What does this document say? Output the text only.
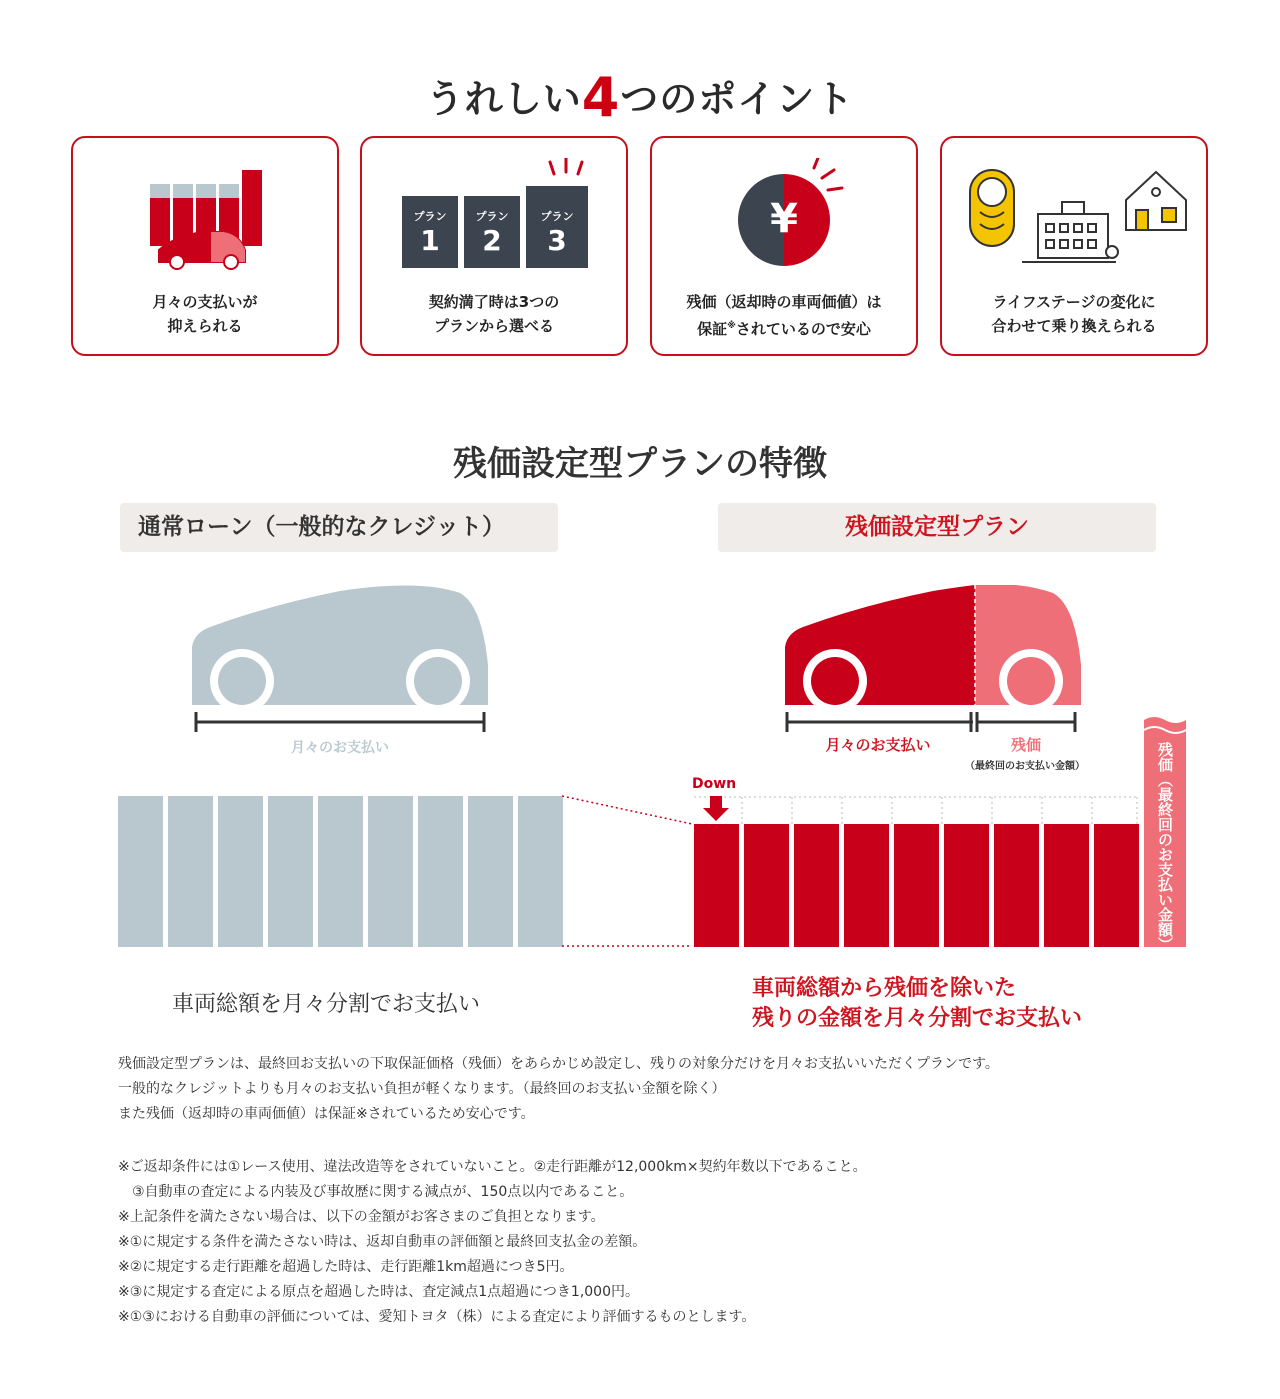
うれしい4つのポイント
月々の支払いが
抑えられる
プラン
1
プラン
2
プラン
3
契約満了時は3つの
プランから選べる
¥
残価（返却時の車両価値）は
保証※されているので安心
ライフステージの変化に
合わせて乗り換えられる
残価設定型プランの特徴
通常ローン（一般的なクレジット）	残価設定型プラン
月々のお支払い	月々のお支払い	残価
（最終回のお支払い金額）
Down	残価（最終回のお支払い金額）
車両総額を月々分割でお支払い
車両総額から残価を除いた
残りの金額を月々分割でお支払い
残価設定型プランは、最終回お支払いの下取保証価格（残価）をあらかじめ設定し、残りの対象分だけを月々お支払いいただくプランです。
一般的なクレジットよりも月々のお支払い負担が軽くなります。（最終回のお支払い金額を除く）
また残価（返却時の車両価値）は保証※されているため安心です。
※ご返却条件には①レース使用、違法改造等をされていないこと。②走行距離が12,000km×契約年数以下であること。
　③自動車の査定による内装及び事故歴に関する減点が、150点以内であること。
※上記条件を満たさない場合は、以下の金額がお客さまのご負担となります。
※①に規定する条件を満たさない時は、返却自動車の評価額と最終回支払金の差額。
※②に規定する走行距離を超過した時は、走行距離1km超過につき5円。
※③に規定する査定による原点を超過した時は、査定減点1点超過につき1,000円。
※①③における自動車の評価については、愛知トヨタ（株）による査定により評価するものとします。
